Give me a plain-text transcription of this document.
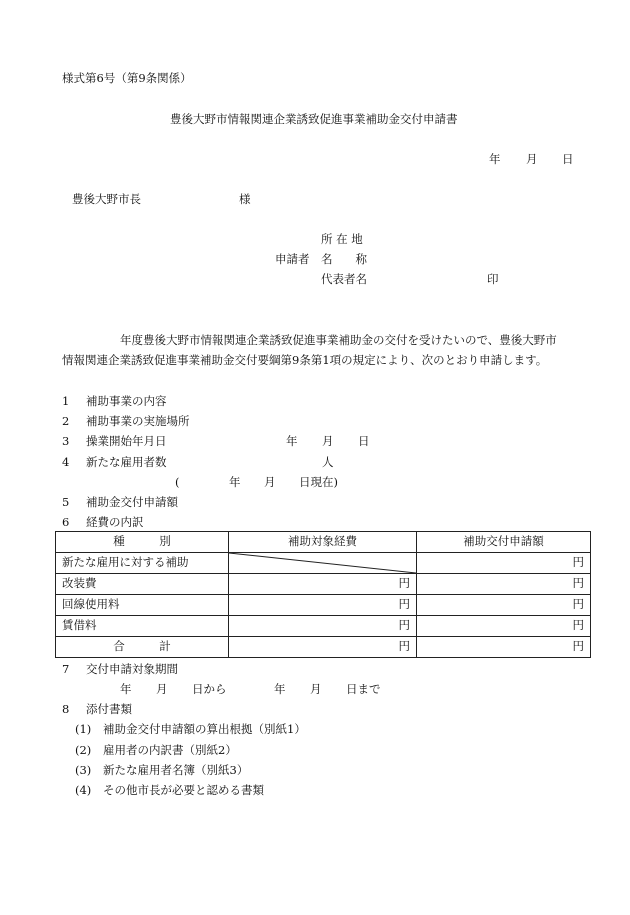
様式第6号（第9条関係）
豊後大野市情報関連企業誘致促進事業補助金交付申請書
年 月 日
豊後大野市長	様
所 在 地
申請者 名　　称
代表者名	印
年度豊後大野市情報関連企業誘致促進事業補助金の交付を受けたいので、豊後大野市
情報関連企業誘致促進事業補助金交付要綱第9条第1項の規定により、次のとおり申請します。
1 補助事業の内容
2 補助事業の実施場所
3 操業開始年月日	年 月 日
4 新たな雇用者数	人
(	年 月 日現在)
5 補助金交付申請額
6 経費の内訳
種　　　別	補助対象経費	補助交付申請額
新たな雇用に対する補助		円
改装費	円	円
回線使用料	円	円
賃借料	円	円
合　　　計	円	円
7 交付申請対象期間
年 月 日から	年 月 日まで
8 添付書類
(1) 補助金交付申請額の算出根拠（別紙1）
(2) 雇用者の内訳書（別紙2）
(3) 新たな雇用者名簿（別紙3）
(4) その他市長が必要と認める書類
